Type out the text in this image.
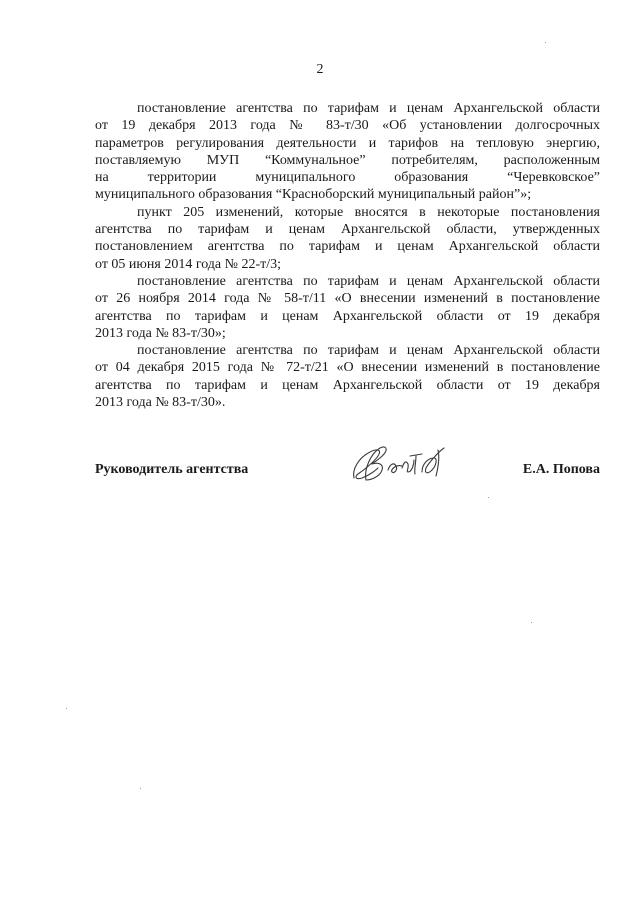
2
постановление агентства по тарифам и ценам Архангельской области
от 19 декабря 2013 года № 83-т/30 «Об установлении долгосрочных
параметров регулирования деятельности и тарифов на тепловую энергию,
поставляемую МУП “Коммунальное” потребителям, расположенным
на территории муниципального образования “Черевковское”
муниципального образования “Красноборский муниципальный район”»;
пункт 205 изменений, которые вносятся в некоторые постановления
агентства по тарифам и ценам Архангельской области, утвержденных
постановлением агентства по тарифам и ценам Архангельской области
от 05 июня 2014 года № 22-т/3;
постановление агентства по тарифам и ценам Архангельской области
от 26 ноября 2014 года № 58-т/11 «О внесении изменений в постановление
агентства по тарифам и ценам Архангельской области от 19 декабря
2013 года № 83-т/30»;
постановление агентства по тарифам и ценам Архангельской области
от 04 декабря 2015 года № 72-т/21 «О внесении изменений в постановление
агентства по тарифам и ценам Архангельской области от 19 декабря
2013 года № 83-т/30».
Руководитель агентства	Е.А. Попова
